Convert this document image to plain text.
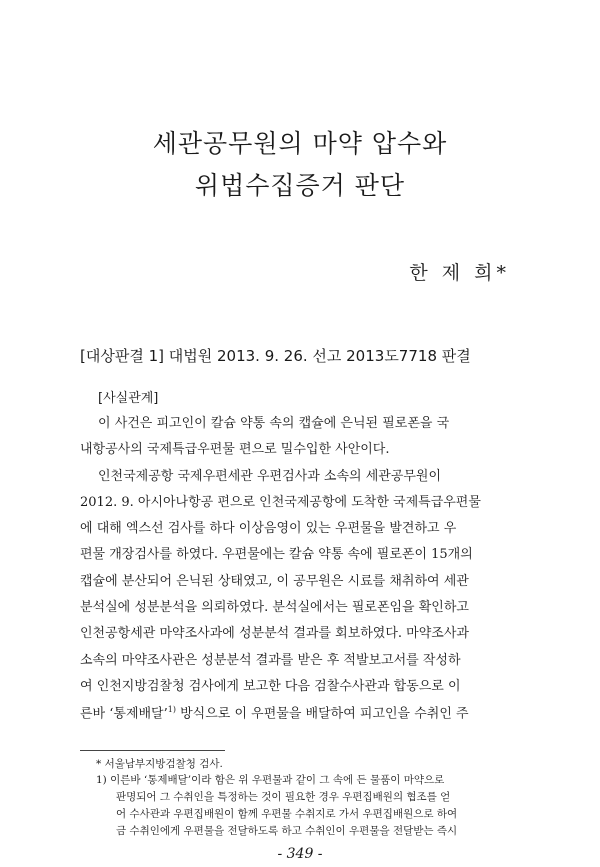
세관공무원의 마약 압수와
위법수집증거 판단
한 제 희*
[대상판결 1] 대법원 2013. 9. 26. 선고 2013도7718 판결
[사실관계]
이 사건은 피고인이 칼슘 약통 속의 캡슐에 은닉된 필로폰을 국
내항공사의 국제특급우편물 편으로 밀수입한 사안이다.
인천국제공항 국제우편세관 우편검사과 소속의 세관공무원이
2012. 9. 아시아나항공 편으로 인천국제공항에 도착한 국제특급우편물
에 대해 엑스선 검사를 하다 이상음영이 있는 우편물을 발견하고 우
편물 개장검사를 하였다. 우편물에는 칼슘 약통 속에 필로폰이 15개의
캡슐에 분산되어 은닉된 상태였고, 이 공무원은 시료를 채취하여 세관
분석실에 성분분석을 의뢰하였다. 분석실에서는 필로폰임을 확인하고
인천공항세관 마약조사과에 성분분석 결과를 회보하였다. 마약조사과
소속의 마약조사관은 성분분석 결과를 받은 후 적발보고서를 작성하
여 인천지방검찰청 검사에게 보고한 다음 검찰수사관과 합동으로 이
른바 ‘통제배달’$^{1)}$ 방식으로 이 우편물을 배달하여 피고인을 수취인 주
* 서울남부지방검찰청 검사.
1) 이른바 ‘통제배달’이라 함은 위 우편물과 같이 그 속에 든 물품이 마약으로
판명되어 그 수취인을 특정하는 것이 필요한 경우 우편집배원의 협조를 얻
어 수사관과 우편집배원이 함께 우편물 수취지로 가서 우편집배원으로 하여
금 수취인에게 우편물을 전달하도록 하고 수취인이 우편물을 전달받는 즉시
- 349 -
